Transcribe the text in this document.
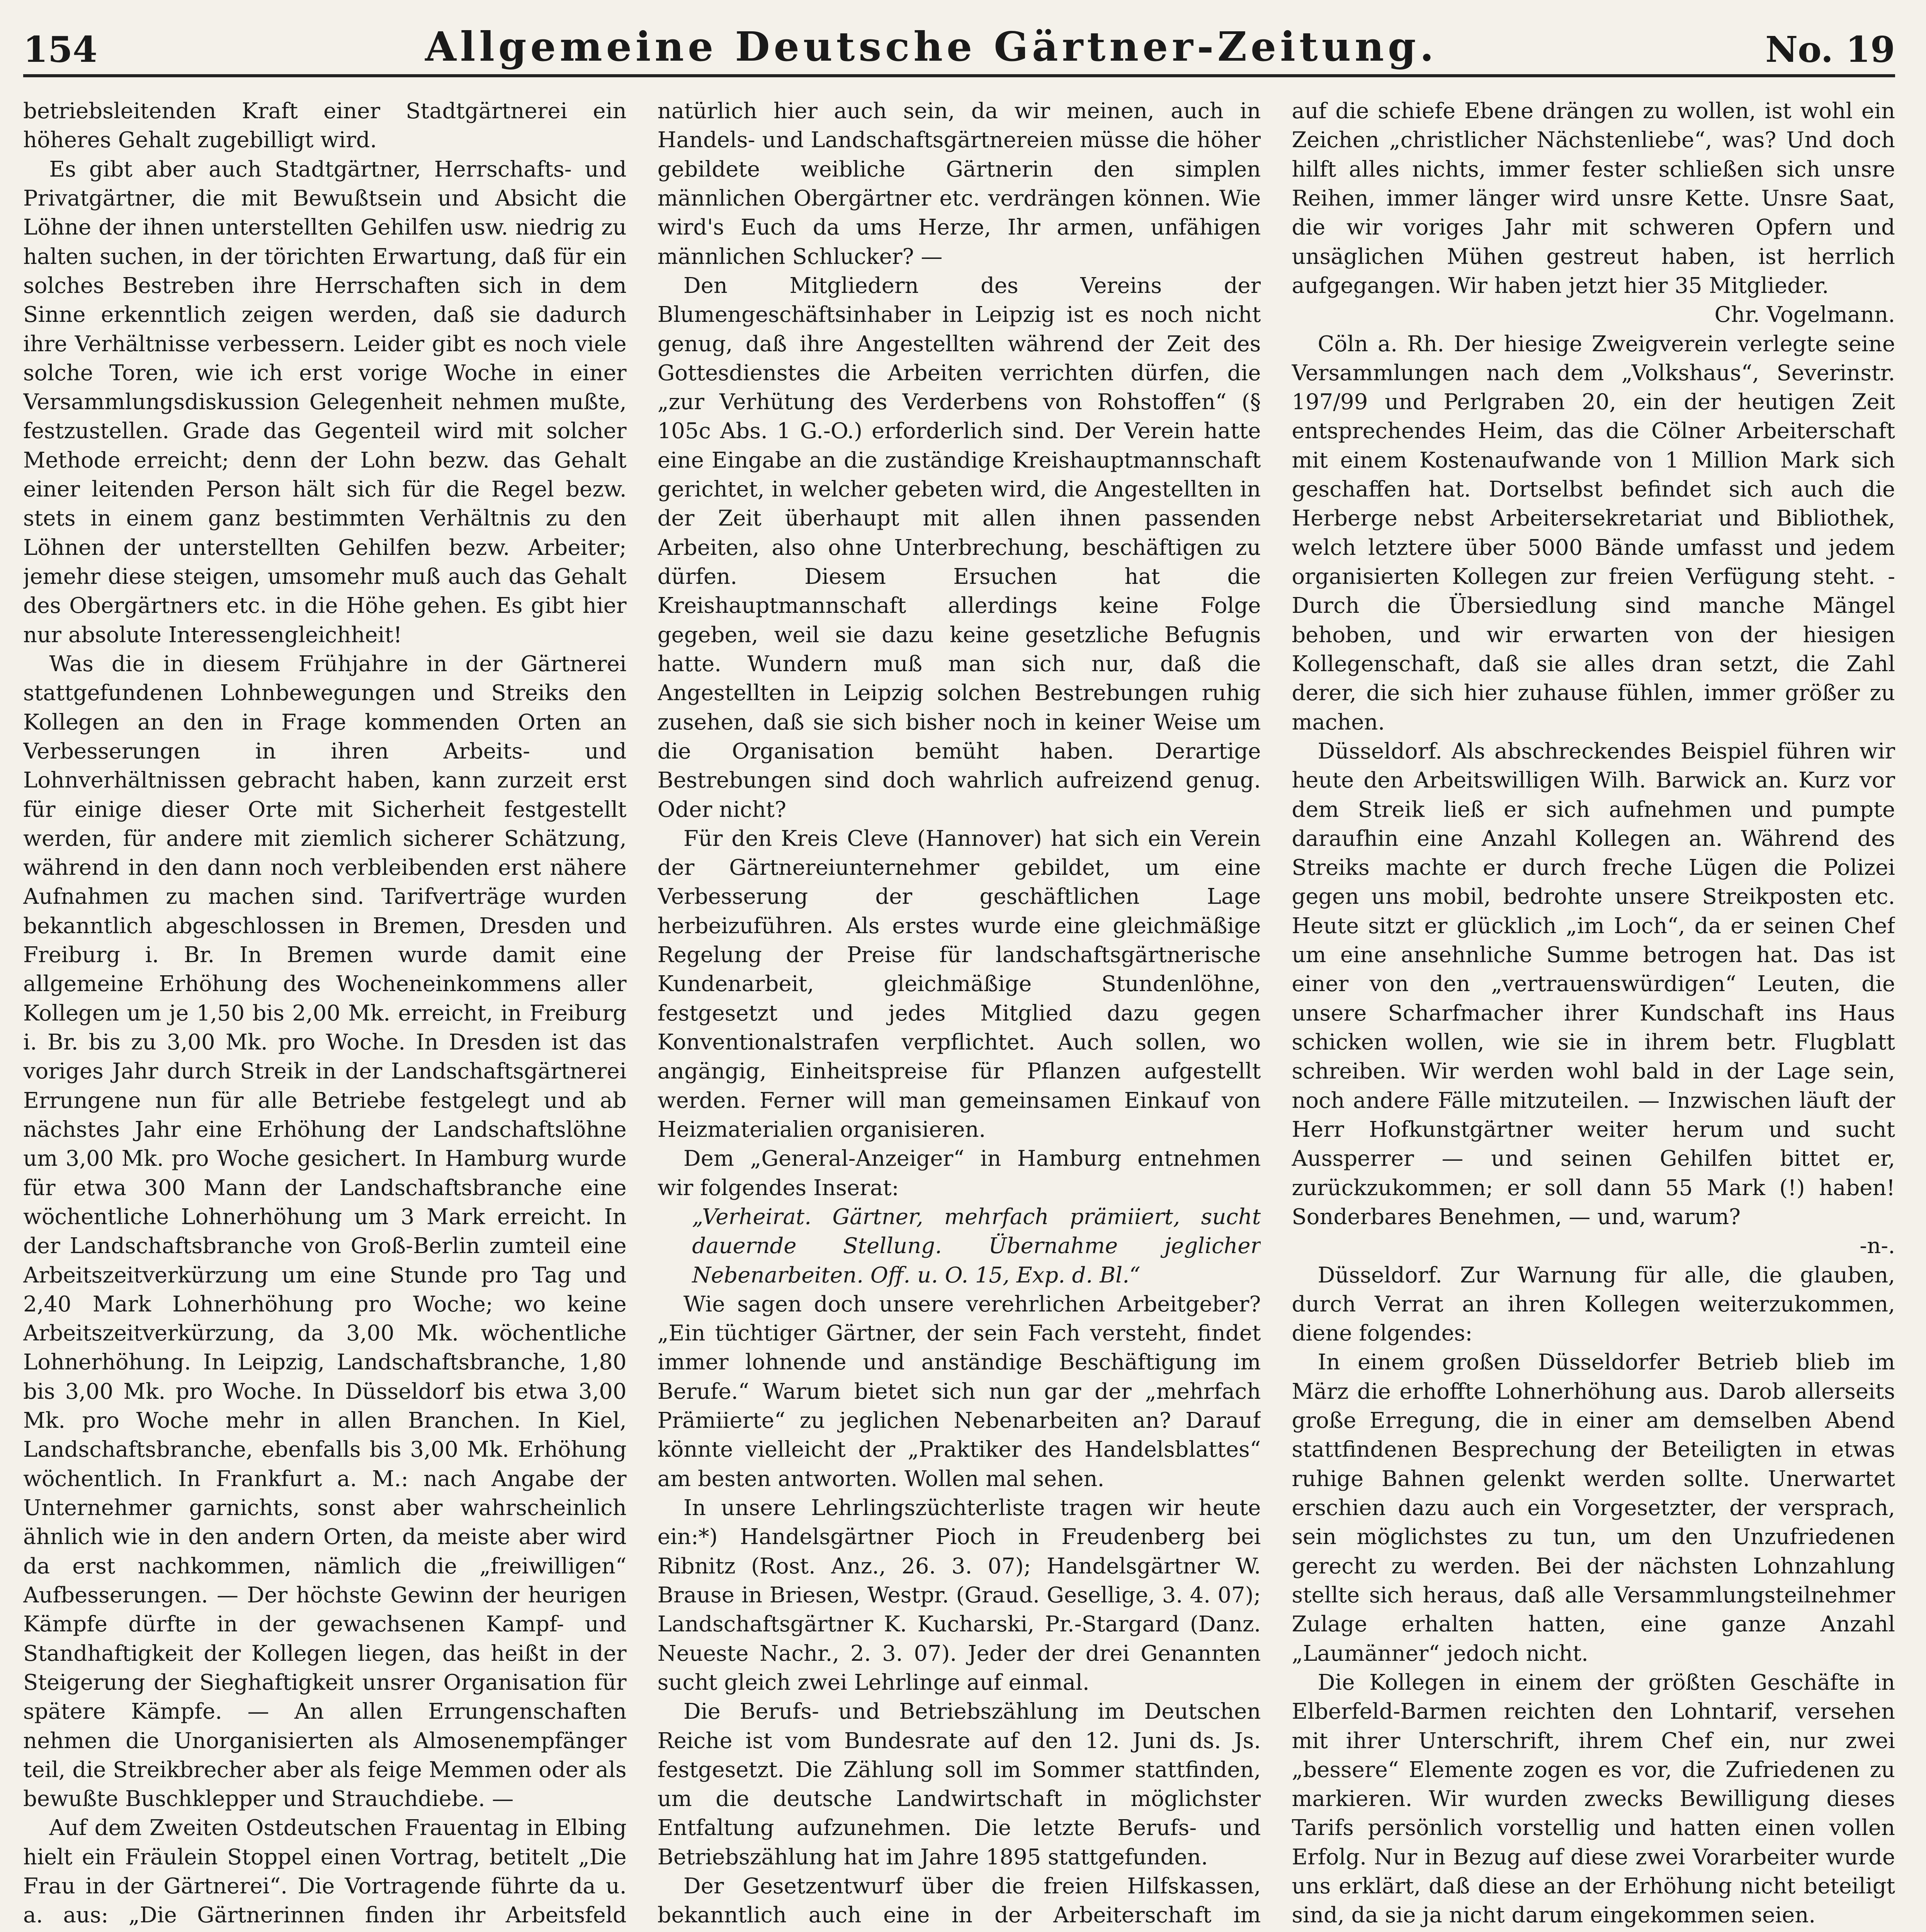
154	Allgemeine Deutsche Gärtner-Zeitung.	No. 19

betriebsleitenden Kraft einer Stadtgärtnerei ein höheres Gehalt zugebilligt wird.

Es gibt aber auch Stadtgärtner, Herrschafts- und Privatgärtner, die mit Bewußtsein und Absicht die Löhne der ihnen unterstellten Gehilfen usw. niedrig zu halten suchen, in der törichten Erwartung, daß für ein solches Bestreben ihre Herrschaften sich in dem Sinne erkenntlich zeigen werden, daß sie dadurch ihre Verhältnisse verbessern. Leider gibt es noch viele solche Toren, wie ich erst vorige Woche in einer Versammlungsdiskussion Gelegenheit nehmen mußte, festzustellen. Grade das Gegenteil wird mit solcher Methode erreicht; denn der Lohn bezw. das Gehalt einer leitenden Person hält sich für die Regel bezw. stets in einem ganz bestimmten Verhältnis zu den Löhnen der unterstellten Gehilfen bezw. Arbeiter; jemehr diese steigen, umsomehr muß auch das Gehalt des Obergärtners etc. in die Höhe gehen. Es gibt hier nur absolute Interessengleichheit!

Was die in diesem Frühjahre in der Gärtnerei stattgefundenen Lohnbewegungen und Streiks den Kollegen an den in Frage kommenden Orten an Verbesserungen in ihren Arbeits- und Lohnverhältnissen gebracht haben, kann zurzeit erst für einige dieser Orte mit Sicherheit festgestellt werden, für andere mit ziemlich sicherer Schätzung, während in den dann noch verbleibenden erst nähere Aufnahmen zu machen sind. Tarifverträge wurden bekanntlich abgeschlossen in Bremen, Dresden und Freiburg i. Br. In Bremen wurde damit eine allgemeine Erhöhung des Wocheneinkommens aller Kollegen um je 1,50 bis 2,00 Mk. erreicht, in Freiburg i. Br. bis zu 3,00 Mk. pro Woche. In Dresden ist das voriges Jahr durch Streik in der Landschaftsgärtnerei Errungene nun für alle Betriebe festgelegt und ab nächstes Jahr eine Erhöhung der Landschaftslöhne um 3,00 Mk. pro Woche gesichert. In Hamburg wurde für etwa 300 Mann der Landschaftsbranche eine wöchentliche Lohnerhöhung um 3 Mark erreicht. In der Landschaftsbranche von Groß-Berlin zumteil eine Arbeitszeitverkürzung um eine Stunde pro Tag und 2,40 Mark Lohnerhöhung pro Woche; wo keine Arbeitszeitverkürzung, da 3,00 Mk. wöchentliche Lohnerhöhung. In Leipzig, Landschaftsbranche, 1,80 bis 3,00 Mk. pro Woche. In Düsseldorf bis etwa 3,00 Mk. pro Woche mehr in allen Branchen. In Kiel, Landschaftsbranche, ebenfalls bis 3,00 Mk. Erhöhung wöchentlich. In Frankfurt a. M.: nach Angabe der Unternehmer garnichts, sonst aber wahrscheinlich ähnlich wie in den andern Orten, da meiste aber wird da erst nachkommen, nämlich die „freiwilligen“ Aufbesserungen. — Der höchste Gewinn der heurigen Kämpfe dürfte in der gewachsenen Kampf- und Standhaftigkeit der Kollegen liegen, das heißt in der Steigerung der Sieghaftigkeit unsrer Organisation für spätere Kämpfe. — An allen Errungenschaften nehmen die Unorganisierten als Almosenempfänger teil, die Streikbrecher aber als feige Memmen oder als bewußte Buschklepper und Strauchdiebe. —

Auf dem Zweiten Ostdeutschen Frauentag in Elbing hielt ein Fräulein Stoppel einen Vortrag, betitelt „Die Frau in der Gärtnerei“. Die Vortragende führte da u. a. aus: „Die Gärtnerinnen finden ihr Arbeitsfeld

natürlich hier auch sein, da wir meinen, auch in Handels- und Landschaftsgärtnereien müsse die höher gebildete weibliche Gärtnerin den simplen männlichen Obergärtner etc. verdrängen können. Wie wird's Euch da ums Herze, Ihr armen, unfähigen männlichen Schlucker? —

Den Mitgliedern des Vereins der Blumengeschäftsinhaber in Leipzig ist es noch nicht genug, daß ihre Angestellten während der Zeit des Gottesdienstes die Arbeiten verrichten dürfen, die „zur Verhütung des Verderbens von Rohstoffen“ (§ 105c Abs. 1 G.-O.) erforderlich sind. Der Verein hatte eine Eingabe an die zuständige Kreishauptmannschaft gerichtet, in welcher gebeten wird, die Angestellten in der Zeit überhaupt mit allen ihnen passenden Arbeiten, also ohne Unterbrechung, beschäftigen zu dürfen. Diesem Ersuchen hat die Kreishauptmannschaft allerdings keine Folge gegeben, weil sie dazu keine gesetzliche Befugnis hatte. Wundern muß man sich nur, daß die Angestellten in Leipzig solchen Bestrebungen ruhig zusehen, daß sie sich bisher noch in keiner Weise um die Organisation bemüht haben. Derartige Bestrebungen sind doch wahrlich aufreizend genug. Oder nicht?

Für den Kreis Cleve (Hannover) hat sich ein Verein der Gärtnereiunternehmer gebildet, um eine Verbesserung der geschäftlichen Lage herbeizuführen. Als erstes wurde eine gleichmäßige Regelung der Preise für landschaftsgärtnerische Kundenarbeit, gleichmäßige Stundenlöhne, festgesetzt und jedes Mitglied dazu gegen Konventionalstrafen verpflichtet. Auch sollen, wo angängig, Einheitspreise für Pflanzen aufgestellt werden. Ferner will man gemeinsamen Einkauf von Heizmaterialien organisieren.

Dem „General-Anzeiger“ in Hamburg entnehmen wir folgendes Inserat:

„Verheirat. Gärtner, mehrfach prämiiert, sucht dauernde Stellung. Übernahme jeglicher Nebenarbeiten. Off. u. O. 15, Exp. d. Bl.“

Wie sagen doch unsere verehrlichen Arbeitgeber? „Ein tüchtiger Gärtner, der sein Fach versteht, findet immer lohnende und anständige Beschäftigung im Berufe.“ Warum bietet sich nun gar der „mehrfach Prämiierte“ zu jeglichen Nebenarbeiten an? Darauf könnte vielleicht der „Praktiker des Handelsblattes“ am besten antworten. Wollen mal sehen.

In unsere Lehrlingszüchterliste tragen wir heute ein:*) Handelsgärtner Pioch in Freudenberg bei Ribnitz (Rost. Anz., 26. 3. 07); Handelsgärtner W. Brause in Briesen, Westpr. (Graud. Gesellige, 3. 4. 07); Landschaftsgärtner K. Kucharski, Pr.-Stargard (Danz. Neueste Nachr., 2. 3. 07). Jeder der drei Genannten sucht gleich zwei Lehrlinge auf einmal.

Die Berufs- und Betriebszählung im Deutschen Reiche ist vom Bundesrate auf den 12. Juni ds. Js. festgesetzt. Die Zählung soll im Sommer stattfinden, um die deutsche Landwirtschaft in möglichster Entfaltung aufzunehmen. Die letzte Berufs- und Betriebszählung hat im Jahre 1895 stattgefunden.

Der Gesetzentwurf über die freien Hilfskassen, bekanntlich auch eine in der Arbeiterschaft im

auf die schiefe Ebene drängen zu wollen, ist wohl ein Zeichen „christlicher Nächstenliebe“, was? Und doch hilft alles nichts, immer fester schließen sich unsre Reihen, immer länger wird unsre Kette. Unsre Saat, die wir voriges Jahr mit schweren Opfern und unsäglichen Mühen gestreut haben, ist herrlich aufgegangen. Wir haben jetzt hier 35 Mitglieder.

Chr. Vogelmann.

Cöln a. Rh. Der hiesige Zweigverein verlegte seine Versammlungen nach dem „Volkshaus“, Severinstr. 197/99 und Perlgraben 20, ein der heutigen Zeit entsprechendes Heim, das die Cölner Arbeiterschaft mit einem Kostenaufwande von 1 Million Mark sich geschaffen hat. Dortselbst befindet sich auch die Herberge nebst Arbeitersekretariat und Bibliothek, welch letztere über 5000 Bände umfasst und jedem organisierten Kollegen zur freien Verfügung steht. - Durch die Übersiedlung sind manche Mängel behoben, und wir erwarten von der hiesigen Kollegenschaft, daß sie alles dran setzt, die Zahl derer, die sich hier zuhause fühlen, immer größer zu machen.

Düsseldorf. Als abschreckendes Beispiel führen wir heute den Arbeitswilligen Wilh. Barwick an. Kurz vor dem Streik ließ er sich aufnehmen und pumpte daraufhin eine Anzahl Kollegen an. Während des Streiks machte er durch freche Lügen die Polizei gegen uns mobil, bedrohte unsere Streikposten etc. Heute sitzt er glücklich „im Loch“, da er seinen Chef um eine ansehnliche Summe betrogen hat. Das ist einer von den „vertrauenswürdigen“ Leuten, die unsere Scharfmacher ihrer Kundschaft ins Haus schicken wollen, wie sie in ihrem betr. Flugblatt schreiben. Wir werden wohl bald in der Lage sein, noch andere Fälle mitzuteilen. — Inzwischen läuft der Herr Hofkunstgärtner weiter herum und sucht Aussperrer — und seinen Gehilfen bittet er, zurückzukommen; er soll dann 55 Mark (!) haben! Sonderbares Benehmen, — und, warum?

-n-.

Düsseldorf. Zur Warnung für alle, die glauben, durch Verrat an ihren Kollegen weiterzukommen, diene folgendes:

In einem großen Düsseldorfer Betrieb blieb im März die erhoffte Lohnerhöhung aus. Darob allerseits große Erregung, die in einer am demselben Abend stattfindenen Besprechung der Beteiligten in etwas ruhige Bahnen gelenkt werden sollte. Unerwartet erschien dazu auch ein Vorgesetzter, der versprach, sein möglichstes zu tun, um den Unzufriedenen gerecht zu werden. Bei der nächsten Lohnzahlung stellte sich heraus, daß alle Versammlungsteilnehmer Zulage erhalten hatten, eine ganze Anzahl „Laumänner“ jedoch nicht.

Die Kollegen in einem der größten Geschäfte in Elberfeld-Barmen reichten den Lohntarif, versehen mit ihrer Unterschrift, ihrem Chef ein, nur zwei „bessere“ Elemente zogen es vor, die Zufriedenen zu markieren. Wir wurden zwecks Bewilligung dieses Tarifs persönlich vorstellig und hatten einen vollen Erfolg. Nur in Bezug auf diese zwei Vorarbeiter wurde uns erklärt, daß diese an der Erhöhung nicht beteiligt sind, da sie ja nicht darum eingekommen seien.
